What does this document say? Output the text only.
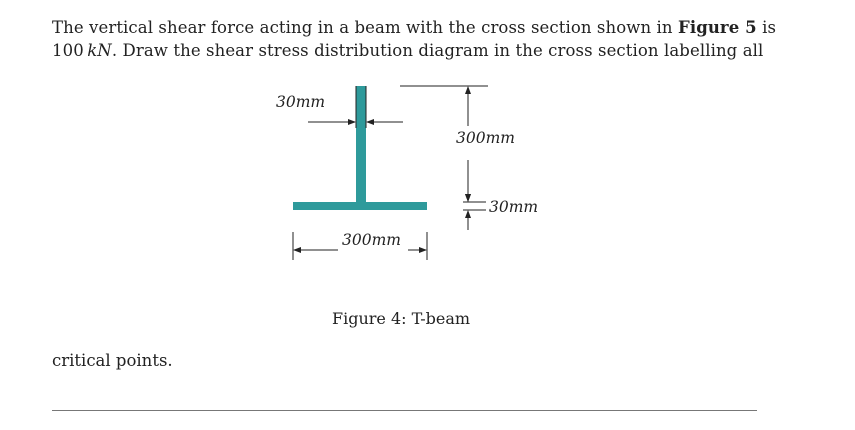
The vertical shear force acting in a beam with the cross section shown in Figure 5 is
100  kN. Draw the shear stress distribution diagram in the cross section labelling all
30mm
300mm
30mm
300mm
Figure 4: T-beam
critical points.
